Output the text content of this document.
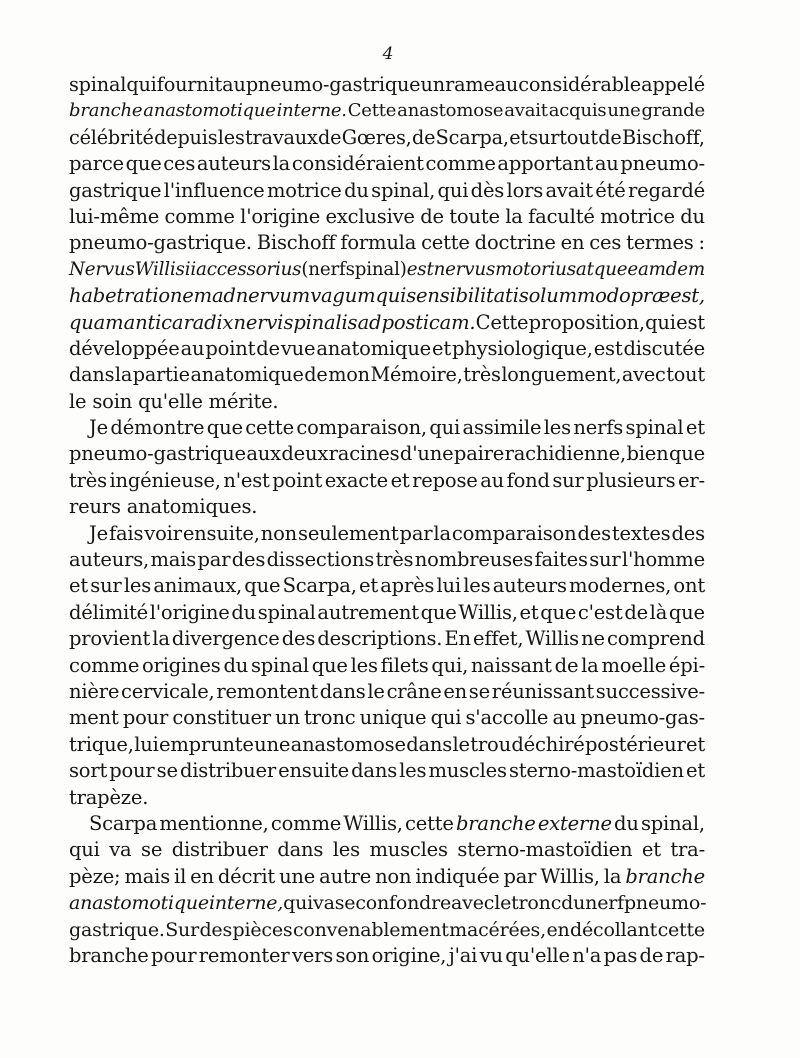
4
spinal qui fournit au pneumo-gastrique un rameau considérable appelé
branche anastomotique interne. Cette anastomose avait acquis une grande
célébrité depuis les travaux de Gœres, de Scarpa, et surtout de Bischoff,
parce que ces auteurs la considéraient comme apportant au pneumo-
gastrique l'influence motrice du spinal, qui dès lors avait été regardé
lui-même comme l'origine exclusive de toute la faculté motrice du
pneumo-gastrique. Bischoff formula cette doctrine en ces termes :
Nervus Willisii accessorius (nerf spinal) est nervus motorius atque eamdem
habet rationem ad nervum vagum qui sensibilitati solummodo præest,
quam antica radix nervi spinalis ad posticam. Cette proposition, qui est
développée au point de vue anatomique et physiologique, est discutée
dans la partie anatomique de mon Mémoire, très longuement, avec tout
le soin qu'elle mérite.
Je démontre que cette comparaison, qui assimile les nerfs spinal et
pneumo-gastrique aux deux racines d'une paire rachidienne, bien que
très ingénieuse, n'est point exacte et repose au fond sur plusieurs er-
reurs anatomiques.
Je fais voir ensuite, non seulement par la comparaison des textes des
auteurs, mais par des dissections très nombreuses faites sur l'homme
et sur les animaux, que Scarpa, et après lui les auteurs modernes, ont
délimité l'origine du spinal autrement que Willis, et que c'est de là que
provient la divergence des descriptions. En effet, Willis ne comprend
comme origines du spinal que les filets qui, naissant de la moelle épi-
nière cervicale, remontent dans le crâne en se réunissant successive-
ment pour constituer un tronc unique qui s'accolle au pneumo-gas-
trique, lui emprunte une anastomose dans le trou déchiré postérieur et
sort pour se distribuer ensuite dans les muscles sterno-mastoïdien et
trapèze.
Scarpa mentionne, comme Willis, cette branche externe du spinal,
qui va se distribuer dans les muscles sterno-mastoïdien et tra-
pèze; mais il en décrit une autre non indiquée par Willis, la branche
anastomotique interne, qui va se confondre avec le tronc du nerf pneumo-
gastrique. Sur des pièces convenablement macérées, en décollant cette
branche pour remonter vers son origine, j'ai vu qu'elle n'a pas de rap-
